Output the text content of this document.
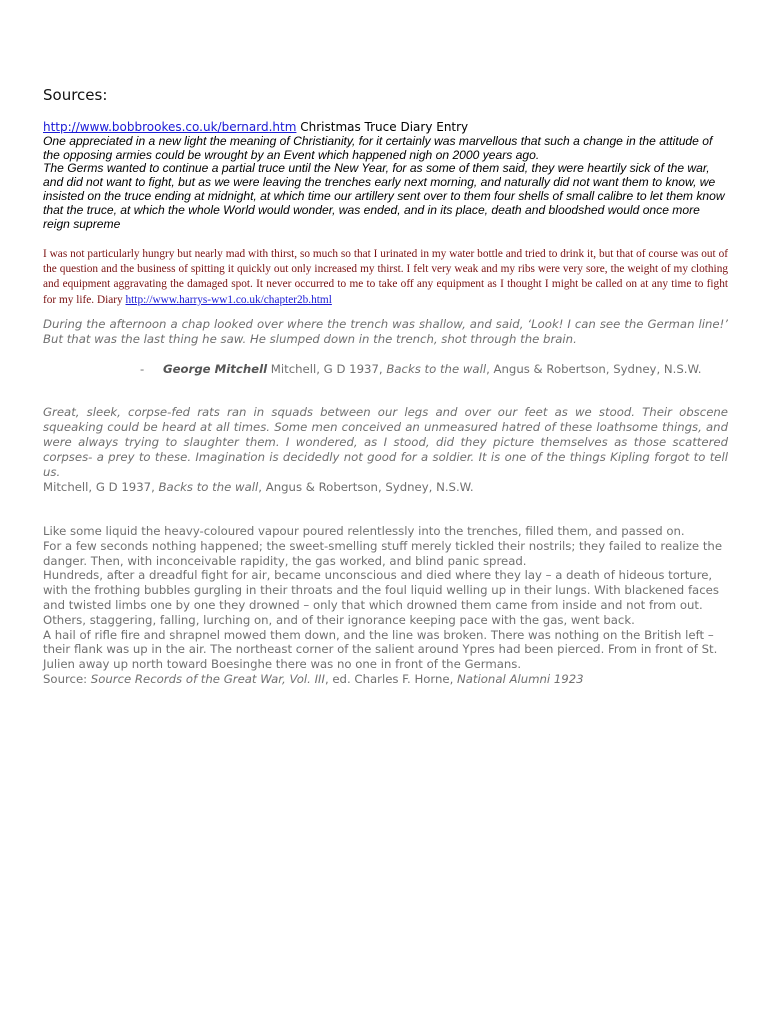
Sources:
http://www.bobbrookes.co.uk/bernard.htm Christmas Truce Diary Entry
One appreciated in a new light the meaning of Christianity, for it certainly was marvellous that such a change in the attitude of the opposing armies could be wrought by an Event which happened nigh on 2000 years ago.
The Germs wanted to continue a partial truce until the New Year, for as some of them said, they were heartily sick of the war, and did not want to fight, but as we were leaving the trenches early next morning, and naturally did not want them to know, we insisted on the truce ending at midnight, at which time our artillery sent over to them four shells of small calibre to let them know that the truce, at which the whole World would wonder, was ended, and in its place, death and bloodshed would once more reign supreme
I was not particularly hungry but nearly mad with thirst, so much so that I urinated in my water bottle and tried to drink it, but that of course was out of the question and the business of spitting it quickly out only increased my thirst. I felt very weak and my ribs were very sore, the weight of my clothing and equipment aggravating the damaged spot. It never occurred to me to take off any equipment as I thought I might be called on at any time to fight for my life. Diary http://www.harrys-ww1.co.uk/chapter2b.html
During the afternoon a chap looked over where the trench was shallow, and said, ‘Look! I can see the German line!’ But that was the last thing he saw. He slumped down in the trench, shot through the brain.
- George Mitchell Mitchell, G D 1937, Backs to the wall, Angus & Robertson, Sydney, N.S.W.
Great, sleek, corpse-fed rats ran in squads between our legs and over our feet as we stood. Their obscene squeaking could be heard at all times. Some men conceived an unmeasured hatred of these loathsome things, and were always trying to slaughter them. I wondered, as I stood, did they picture themselves as those scattered corpses- a prey to these. Imagination is decidedly not good for a soldier. It is one of the things Kipling forgot to tell us.
Mitchell, G D 1937, Backs to the wall, Angus & Robertson, Sydney, N.S.W.

Like some liquid the heavy-coloured vapour poured relentlessly into the trenches, filled them, and passed on.

For a few seconds nothing happened; the sweet-smelling stuff merely tickled their nostrils; they failed to realize the danger. Then, with inconceivable rapidity, the gas worked, and blind panic spread.

Hundreds, after a dreadful fight for air, became unconscious and died where they lay – a death of hideous torture, with the frothing bubbles gurgling in their throats and the foul liquid welling up in their lungs. With blackened faces and twisted limbs one by one they drowned – only that which drowned them came from inside and not from out.

Others, staggering, falling, lurching on, and of their ignorance keeping pace with the gas, went back.

A hail of rifle fire and shrapnel mowed them down, and the line was broken. There was nothing on the British left – their flank was up in the air. The northeast corner of the salient around Ypres had been pierced. From in front of St. Julien away up north toward Boesinghe there was no one in front of the Germans.

Source: Source Records of the Great War, Vol. III, ed. Charles F. Horne, National Alumni 1923
